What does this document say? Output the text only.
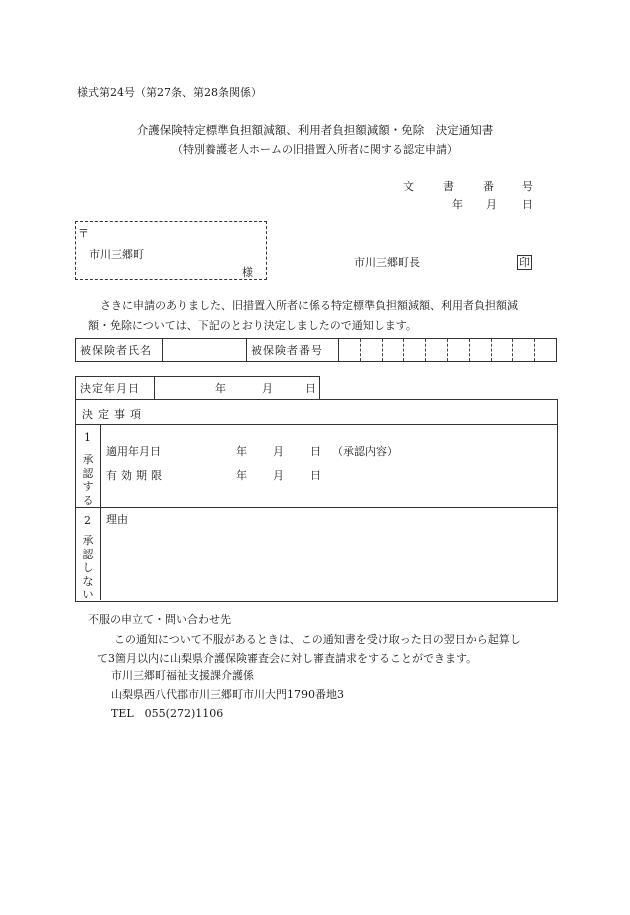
様式第24号（第27条、第28条関係）
介護保険特定標準負担額減額、利用者負担額減額・免除　決定通知書
（特別養護老人ホームの旧措置入所者に関する認定申請）
文	書	番	号
年 月 日
〒
市川三郷町
様
市川三郷町長	印
さきに申請のありました、旧措置入所者に係る特定標準負担額減額、利用者負担額減
額・免除については、下記のとおり決定しましたので通知します。
被保険者氏名		被保険者番号	
決定年月日	年	月	日
決定事項
1
承認する
適用年月日	年 月 日 （承認内容）
有効期限	年 月 日
2
承認しない
理由
不服の申立て・問い合わせ先
この通知について不服があるときは、この通知書を受け取った日の翌日から起算し
て3箇月以内に山梨県介護保険審査会に対し審査請求をすることができます。
市川三郷町福祉支援課介護係
山梨県西八代郡市川三郷町市川大門1790番地3
TEL　055(272)1106
